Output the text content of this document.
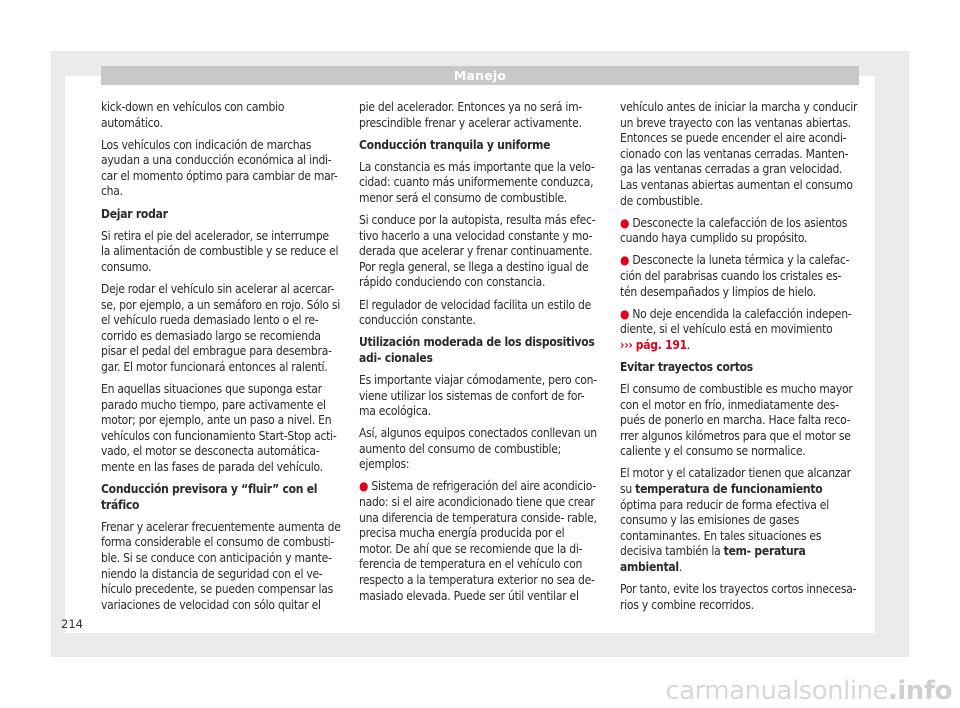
Manejo

kick-down en vehículos con cambio automático.

Los vehículos con indicación de marchas ayudan a una conducción económica al indi- car el momento óptimo para cambiar de mar- cha.

Dejar rodar

Si retira el pie del acelerador, se interrumpe la alimentación de combustible y se reduce el consumo.

Deje rodar el vehículo sin acelerar al acercar- se, por ejemplo, a un semáforo en rojo. Sólo si el vehículo rueda demasiado lento o el re- corrido es demasiado largo se recomienda pisar el pedal del embrague para desembra- gar. El motor funcionará entonces al ralentí.

En aquellas situaciones que suponga estar parado mucho tiempo, pare activamente el motor; por ejemplo, ante un paso a nivel. En vehículos con funcionamiento Start-Stop acti- vado, el motor se desconecta automática- mente en las fases de parada del vehículo.

Conducción previsora y “fluir” con el tráfico

Frenar y acelerar frecuentemente aumenta de forma considerable el consumo de combusti- ble. Si se conduce con anticipación y mante- niendo la distancia de seguridad con el ve- hículo precedente, se pueden compensar las variaciones de velocidad con sólo quitar el

pie del acelerador. Entonces ya no será im- prescindible frenar y acelerar activamente.

Conducción tranquila y uniforme

La constancia es más importante que la velo- cidad: cuanto más uniformemente conduzca, menor será el consumo de combustible.

Si conduce por la autopista, resulta más efec- tivo hacerlo a una velocidad constante y mo- derada que acelerar y frenar continuamente. Por regla general, se llega a destino igual de rápido conduciendo con constancia.

El regulador de velocidad facilita un estilo de conducción constante.

Utilización moderada de los dispositivos adi- cionales

Es importante viajar cómodamente, pero con- viene utilizar los sistemas de confort de for- ma ecológica.

Así, algunos equipos conectados conllevan un aumento del consumo de combustible; ejemplos:

● Sistema de refrigeración del aire acondicio- nado: si el aire acondicionado tiene que crear una diferencia de temperatura conside- rable, precisa mucha energía producida por el motor. De ahí que se recomiende que la di- ferencia de temperatura en el vehículo con respecto a la temperatura exterior no sea de- masiado elevada. Puede ser útil ventilar el

vehículo antes de iniciar la marcha y conducir un breve trayecto con las ventanas abiertas. Entonces se puede encender el aire acondi- cionado con las ventanas cerradas. Manten- ga las ventanas cerradas a gran velocidad. Las ventanas abiertas aumentan el consumo de combustible.

● Desconecte la calefacción de los asientos cuando haya cumplido su propósito.

● Desconecte la luneta térmica y la calefac- ción del parabrisas cuando los cristales es- tén desempañados y limpios de hielo.

● No deje encendida la calefacción indepen- diente, si el vehículo está en movimiento
››› pág. 191.

Evitar trayectos cortos

El consumo de combustible es mucho mayor con el motor en frío, inmediatamente des- pués de ponerlo en marcha. Hace falta reco- rrer algunos kilómetros para que el motor se caliente y el consumo se normalice.

El motor y el catalizador tienen que alcanzar su temperatura de funcionamiento óptima para reducir de forma efectiva el consumo y las emisiones de gases contaminantes. En tales situaciones es decisiva también la tem- peratura ambiental.

Por tanto, evite los trayectos cortos innecesa- rios y combine recorridos.

214
carmanualsonline.info
